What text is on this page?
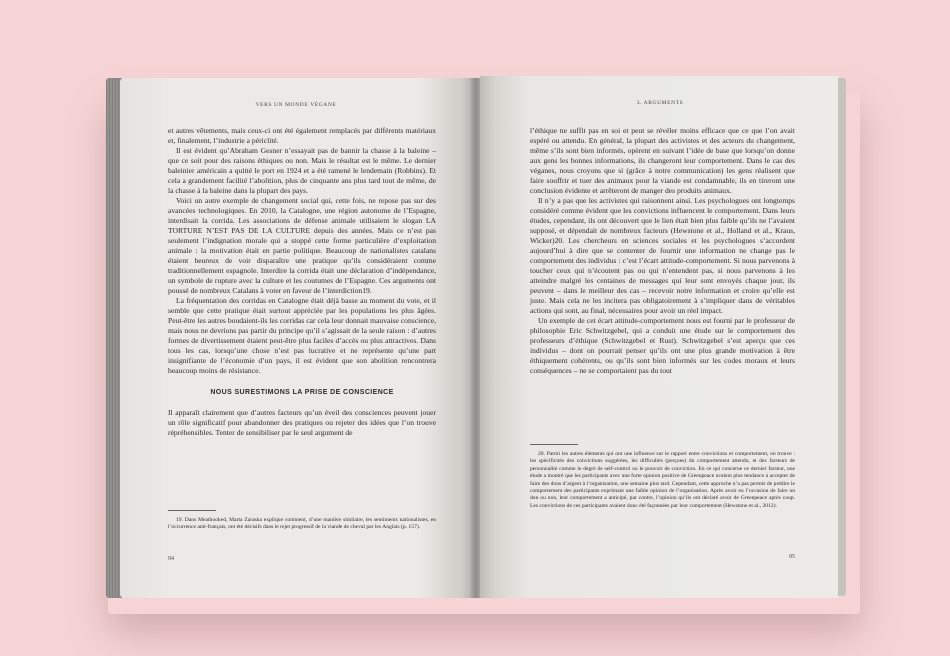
VERS UN MONDE VÉGANE

et autres vêtements, mais ceux-ci ont été également remplacés par différents matériaux et, finalement, l’industrie a périclité.

Il est évident qu’Abraham Gesner n’essayait pas de bannir la chasse à la baleine – que ce soit pour des raisons éthiques ou non. Mais le résultat est le même. Le dernier baleinier américain a quitté le port en 1924 et a été ramené le lendemain (Robbins). Et cela a grandement facilité l’abolition, plus de cinquante ans plus tard tout de même, de la chasse à la baleine dans la plupart des pays.

Voici un autre exemple de changement social qui, cette fois, ne repose pas sur des avancées technologiques. En 2010, la Catalogne, une région autonome de l’Espagne, interdisait la corrida. Les associations de défense animale utilisaient le slogan LA TORTURE N’EST PAS DE LA CULTURE depuis des années. Mais ce n’est pas seulement l’indignation morale qui a stoppé cette forme particulière d’exploitation animale : la motivation était en partie politique. Beaucoup de nationalistes catalans étaient heureux de voir disparaître une pratique qu’ils considéraient comme traditionnellement espagnole. Interdire la corrida était une déclaration d’indépendance, un symbole de rupture avec la culture et les coutumes de l’Espagne. Ces arguments ont poussé de nombreux Catalans à voter en faveur de l’interdiction19.

La fréquentation des corridas en Catalogne était déjà basse au moment du vote, et il semble que cette pratique était surtout appréciée par les populations les plus âgées. Peut-être les autres boudaient-ils les corridas car cela leur donnait mauvaise conscience, mais nous ne devrions pas partir du principe qu’il s’agissait de la seule raison : d’autres formes de divertissement étaient peut-être plus faciles d’accès ou plus attractives. Dans tous les cas, lorsqu’une chose n’est pas lucrative et ne représente qu’une part insignifiante de l’économie d’un pays, il est évident que son abolition rencontrera beaucoup moins de résistance.

NOUS SURESTIMONS LA PRISE DE CONSCIENCE

Il apparaît clairement que d’autres facteurs qu’un éveil des consciences peuvent jouer un rôle significatif pour abandonner des pratiques ou rejeter des idées que l’on trouve répréhensibles. Tenter de sensibiliser par le seul argument de

19. Dans Meathooked, Marta Zaraska explique comment, d’une manière similaire, les sentiments nationalistes, en l’occurrence anti-français, ont été décisifs dans le rejet progressif de la viande de cheval par les Anglais (p. 157).

94
3. ARGUMENTS

l’éthique ne suffit pas en soi et peut se révéler moins efficace que ce que l’on avait espéré ou attendu. En général, la plupart des activistes et des acteurs du changement, même s’ils sont bien informés, opèrent en suivant l’idée de base que lorsqu’on donne aux gens les bonnes informations, ils changeront leur comportement. Dans le cas des véganes, nous croyons que si (grâce à notre communication) les gens réalisent que faire souffrir et tuer des animaux pour la viande est condamnable, ils en tireront une conclusion évidente et arrêteront de manger des produits animaux.

Il n’y a pas que les activistes qui raisonnent ainsi. Les psychologues ont longtemps considéré comme évident que les convictions influencent le comportement. Dans leurs études, cependant, ils ont découvert que le lien était bien plus faible qu’ils ne l’avaient supposé, et dépendait de nombreux facteurs (Hewstone et al., Holland et al., Kraus, Wicker)20. Les chercheurs en sciences sociales et les psychologues s’accordent aujourd’hui à dire que se contenter de fournir une information ne change pas le comportement des individus : c’est l’écart attitude-comportement. Si nous parvenons à toucher ceux qui n’écoutent pas ou qui n’entendent pas, si nous parvenons à les atteindre malgré les centaines de messages qui leur sont envoyés chaque jour, ils peuvent – dans le meilleur des cas – recevoir notre information et croire qu’elle est juste. Mais cela ne les incitera pas obligatoirement à s’impliquer dans de véritables actions qui sont, au final, nécessaires pour avoir un réel impact.

Un exemple de cet écart attitude-comportement nous est fourni par le professeur de philosophie Eric Schwitzgebel, qui a conduit une étude sur le comportement des professeurs d’éthique (Schwitzgebel et Rust). Schwitzgebel s’est aperçu que ces individus – dont on pourrait penser qu’ils ont une plus grande motivation à être éthiquement cohérents, ou qu’ils sont bien informés sur les codes moraux et leurs conséquences – ne se comportaient pas du tout

20. Parmi les autres éléments qui ont une influence sur le rapport entre convictions et comportement, on trouve : les spécificités des convictions suggérées, les difficultés (perçues) du comportement attendu, et des facteurs de personnalité comme le degré de self-control ou le pouvoir de conviction. En ce qui concerne ce dernier facteur, une étude a montré que les participants avec une forte opinion positive de Greenpeace avaient plus tendance à accepter de faire des dons d’argent à l’organisation, une semaine plus tard. Cependant, cette approche n’a pas permis de prédire le comportement des participants exprimant une faible opinion de l’organisation. Après avoir eu l’occasion de faire un don ou non, leur comportement a anticipé, par contre, l’opinion qu’ils ont déclaré avoir de Greenpeace après coup. Les convictions de ces participants avaient donc été façonnées par leur comportement (Hewstone et al., 2012).

95
